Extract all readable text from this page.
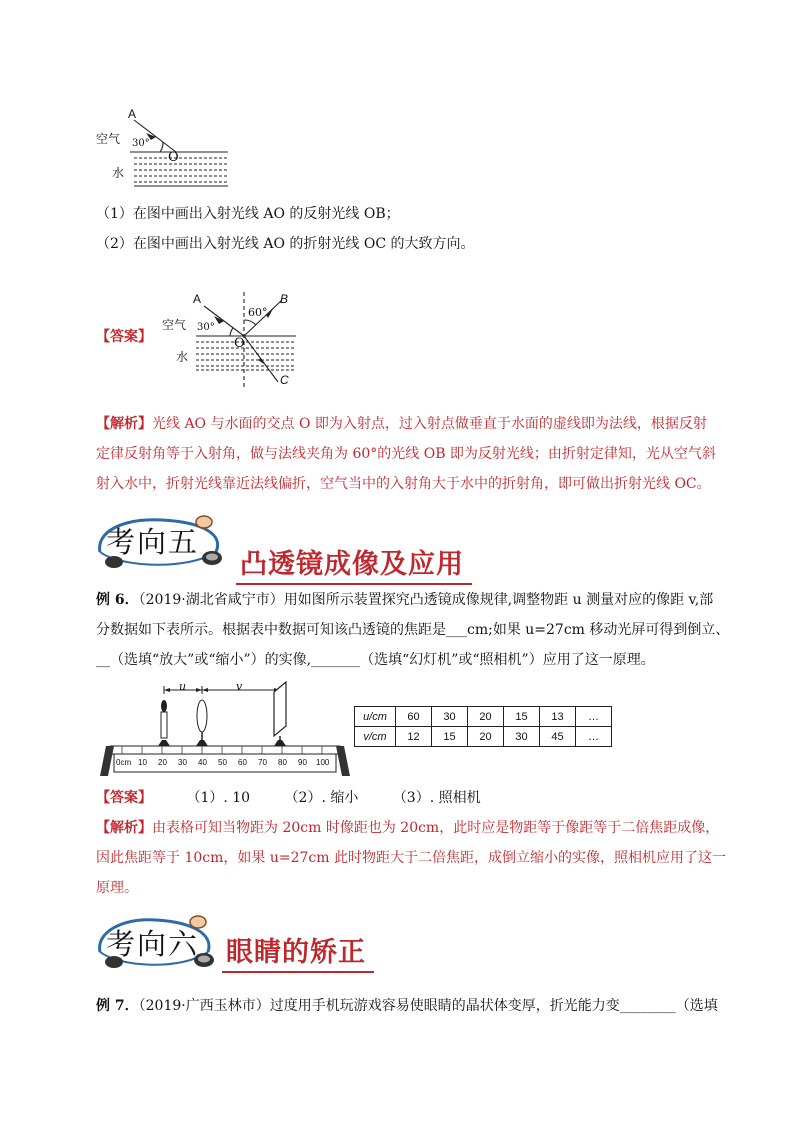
A
空气 30°
O
水
（1）在图中画出入射光线 AO 的反射光线 OB；
（2）在图中画出入射光线 AO 的折射光线 OC 的大致方向。
【答案】
A	B
60°
空气 30°
O
水
C
【解析】光线 AO 与水面的交点 O 即为入射点，过入射点做垂直于水面的虚线即为法线，根据反射
定律反射角等于入射角，做与法线夹角为 60°的光线 OB 即为反射光线；由折射定律知，光从空气斜
射入水中，折射光线靠近法线偏折，空气当中的入射角大于水中的折射角，即可做出折射光线 OC。
考向五
凸透镜成像及应用
例 6．（2019·湖北省咸宁市）用如图所示装置探究凸透镜成像规律,调整物距 u 测量对应的像距 v,部
分数据如下表所示。根据表中数据可知该凸透镜的焦距是___cm;如果 u=27cm 移动光屏可得到倒立、
__（选填“放大”或“缩小”）的实像,_______（选填“幻灯机”或“照相机”）应用了这一原理。
u	v
0cm 10 20 30 40 50 60 70 80 90 100
u/cm	60	30	20	15	13	…
v/cm	12	15	20	30	45	…
【答案】 （1）. 10 （2）. 缩小 （3）. 照相机
【解析】由表格可知当物距为 20cm 时像距也为 20cm，此时应是物距等于像距等于二倍焦距成像，
因此焦距等于 10cm，如果 u=27cm 此时物距大于二倍焦距，成倒立缩小的实像，照相机应用了这一
原理。
考向六 眼睛的矫正
例 7．（2019·广西玉林市）过度用手机玩游戏容易使眼睛的晶状体变厚，折光能力变________（选填
